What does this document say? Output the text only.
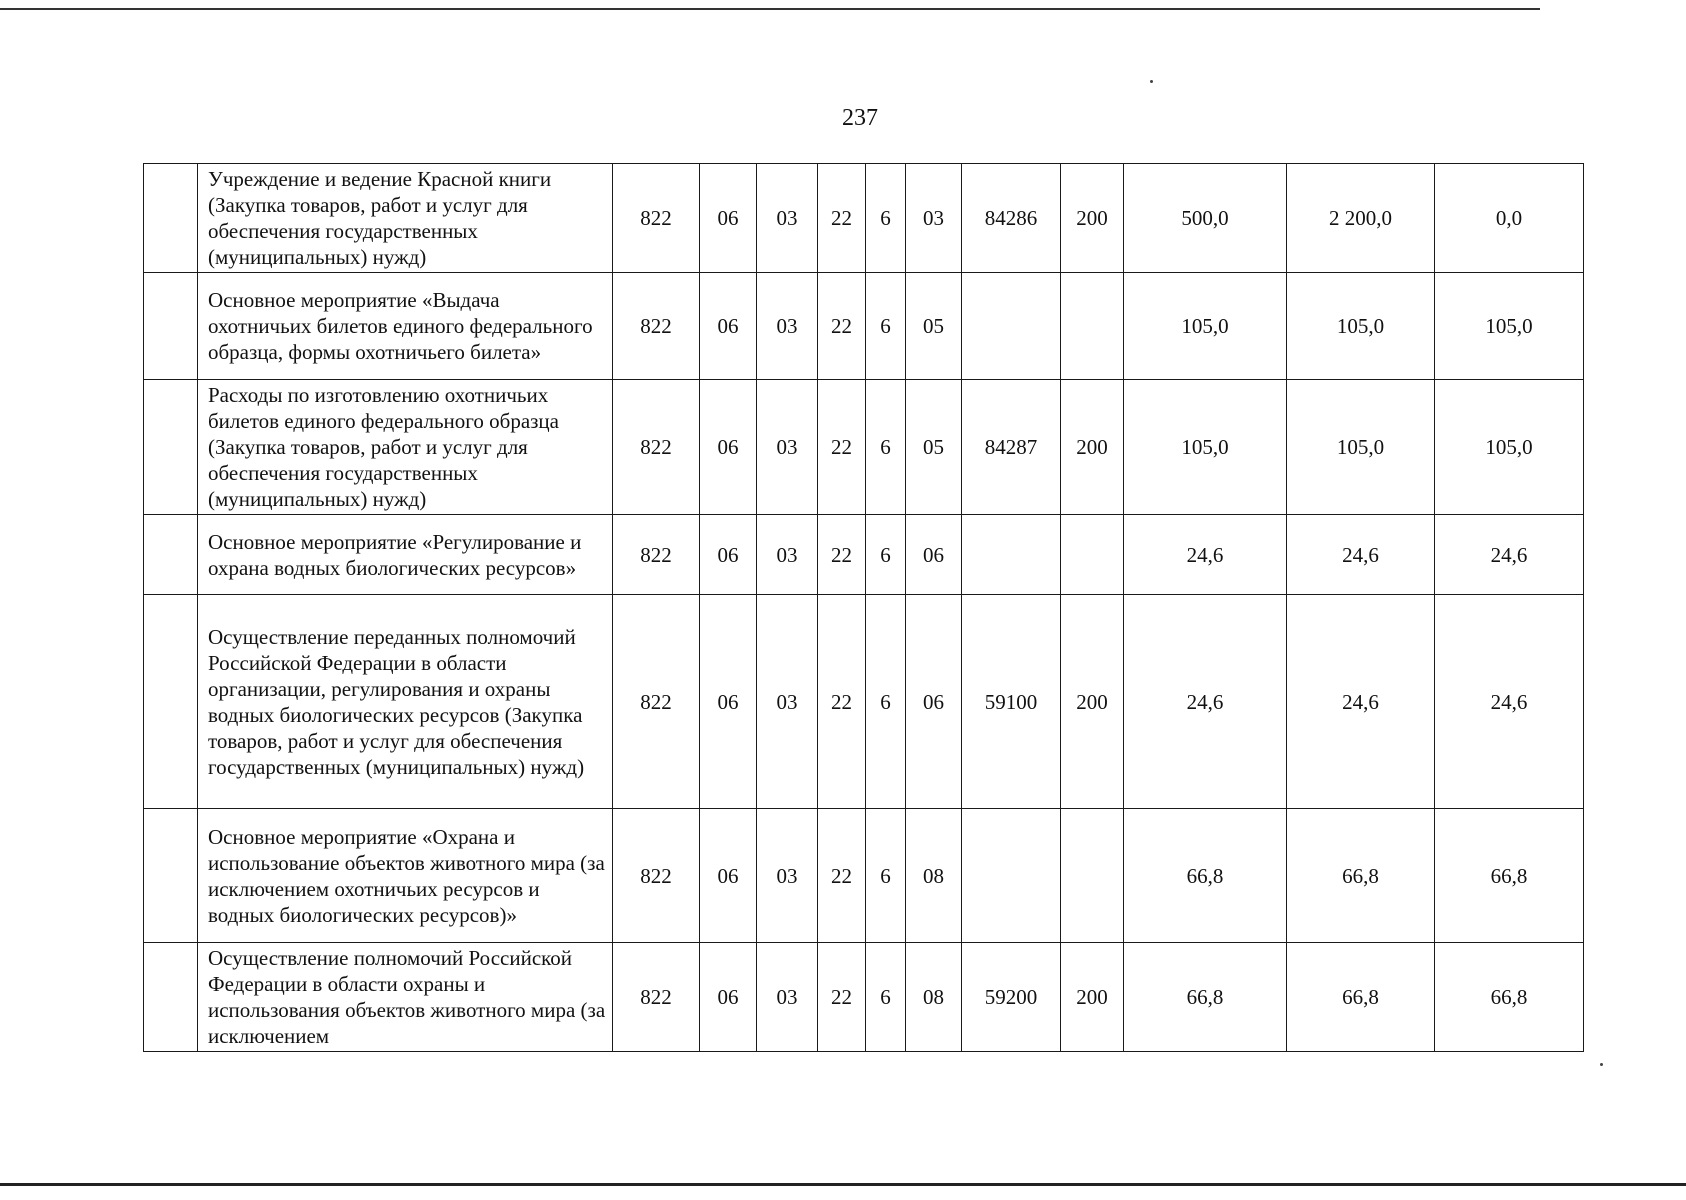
237
	Учреждение и ведение Красной книги (Закупка товаров, работ и услуг для обеспечения государственных (муниципальных) нужд)	822	06	03	22	6	03	84286	200	500,0	2 200,0	0,0
	Основное мероприятие «Выдача охотничьих билетов единого федерального образца, формы охотничьего билета»	822	06	03	22	6	05			105,0	105,0	105,0
	Расходы по изготовлению охотничьих билетов единого федерального образца (Закупка товаров, работ и услуг для обеспечения государственных (муниципальных) нужд)	822	06	03	22	6	05	84287	200	105,0	105,0	105,0
	Основное мероприятие «Регулирование и охрана водных биологических ресурсов»	822	06	03	22	6	06			24,6	24,6	24,6
	Осуществление переданных полномочий Российской Федерации в области организации, регулирования и охраны водных биологических ресурсов (Закупка товаров, работ и услуг для обеспечения государственных (муниципальных) нужд)	822	06	03	22	6	06	59100	200	24,6	24,6	24,6
	Основное мероприятие «Охрана и использование объектов животного мира (за исключением охотничьих ресурсов и водных биологических ресурсов)»	822	06	03	22	6	08			66,8	66,8	66,8
	Осуществление полномочий Российской Федерации в области охраны и использования объектов животного мира (за исключением	822	06	03	22	6	08	59200	200	66,8	66,8	66,8
